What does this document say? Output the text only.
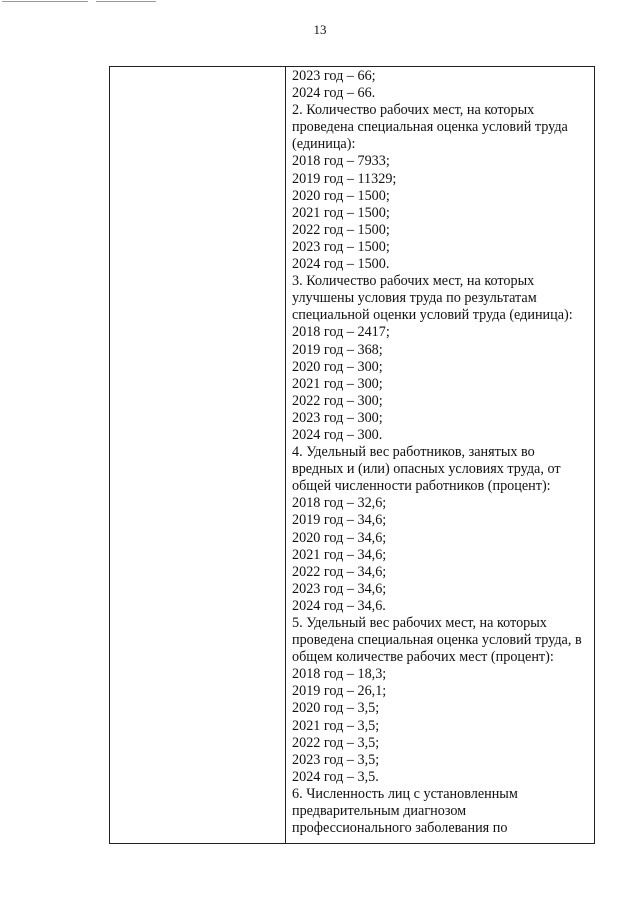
13
2023 год – 66;
2024 год – 66.
2. Количество рабочих мест, на которых
проведена специальная оценка условий труда
(единица):
2018 год – 7933;
2019 год – 11329;
2020 год – 1500;
2021 год – 1500;
2022 год – 1500;
2023 год – 1500;
2024 год – 1500.
3. Количество рабочих мест, на которых
улучшены условия труда по результатам
специальной оценки условий труда (единица):
2018 год – 2417;
2019 год – 368;
2020 год – 300;
2021 год – 300;
2022 год – 300;
2023 год – 300;
2024 год – 300.
4. Удельный вес работников, занятых во
вредных и (или) опасных условиях труда, от
общей численности работников (процент):
2018 год – 32,6;
2019 год – 34,6;
2020 год – 34,6;
2021 год – 34,6;
2022 год – 34,6;
2023 год – 34,6;
2024 год – 34,6.
5. Удельный вес рабочих мест, на которых
проведена специальная оценка условий труда, в
общем количестве рабочих мест (процент):
2018 год – 18,3;
2019 год – 26,1;
2020 год – 3,5;
2021 год – 3,5;
2022 год – 3,5;
2023 год – 3,5;
2024 год – 3,5.
6. Численность лиц с установленным
предварительным диагнозом
профессионального заболевания по
